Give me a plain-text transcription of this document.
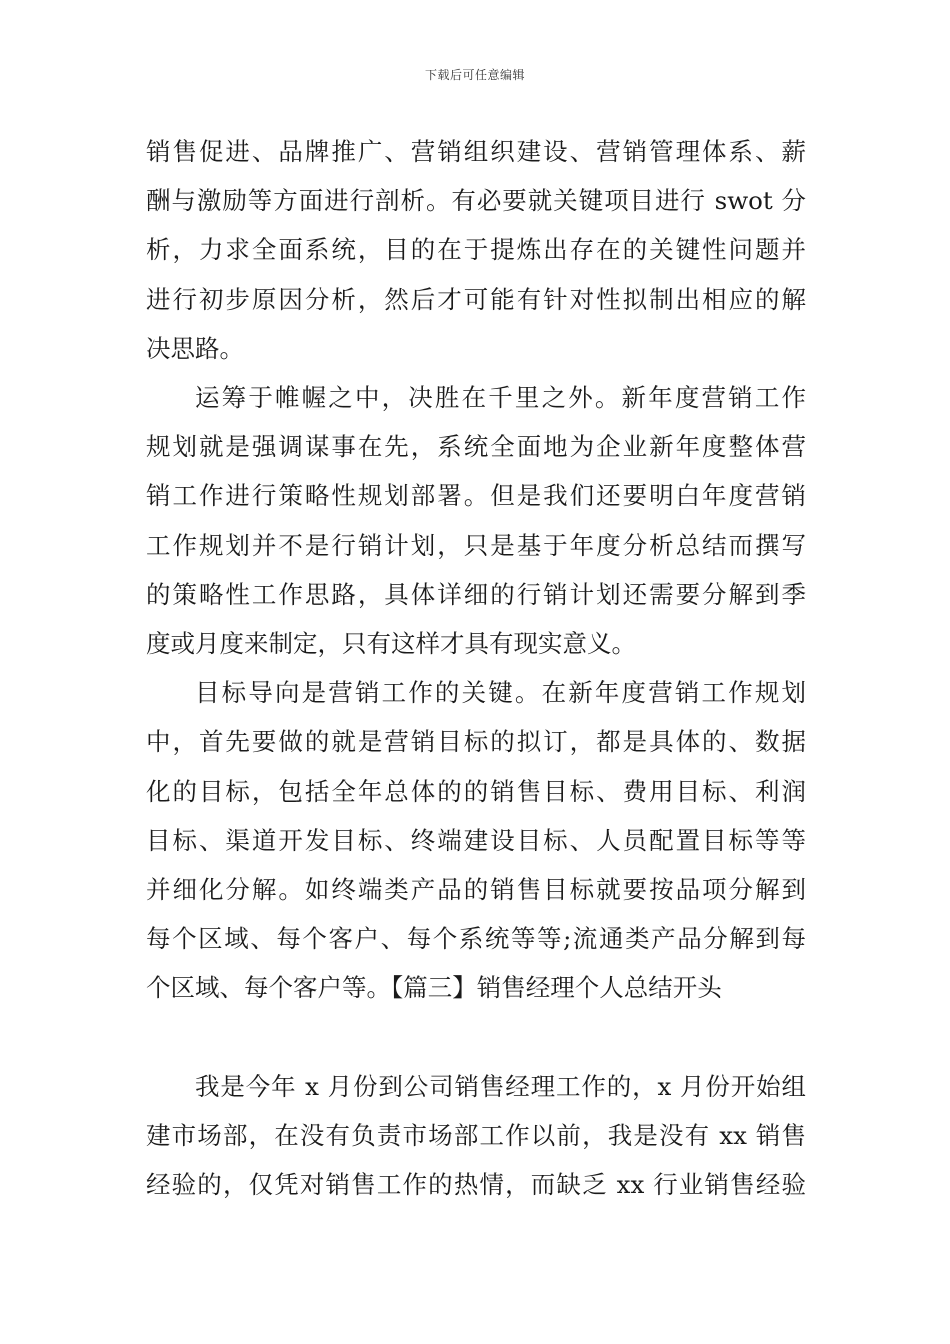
下载后可任意编辑
销售促进、品牌推广、营销组织建设、营销管理体系、薪
酬与激励等方面进行剖析。有必要就关键项目进行 swot 分
析，力求全面系统，目的在于提炼出存在的关键性问题并
进行初步原因分析，然后才可能有针对性拟制出相应的解
决思路。
运筹于帷幄之中，决胜在千里之外。新年度营销工作
规划就是强调谋事在先，系统全面地为企业新年度整体营
销工作进行策略性规划部署。但是我们还要明白年度营销
工作规划并不是行销计划，只是基于年度分析总结而撰写
的策略性工作思路，具体详细的行销计划还需要分解到季
度或月度来制定，只有这样才具有现实意义。
目标导向是营销工作的关键。在新年度营销工作规划
中，首先要做的就是营销目标的拟订，都是具体的、数据
化的目标，包括全年总体的的销售目标、费用目标、利润
目标、渠道开发目标、终端建设目标、人员配置目标等等
并细化分解。如终端类产品的销售目标就要按品项分解到
每个区域、每个客户、每个系统等等;流通类产品分解到每
个区域、每个客户等。【篇三】销售经理个人总结开头
我是今年 x 月份到公司销售经理工作的，x 月份开始组
建市场部，在没有负责市场部工作以前，我是没有 xx 销售
经验的，仅凭对销售工作的热情，而缺乏 xx 行业销售经验
